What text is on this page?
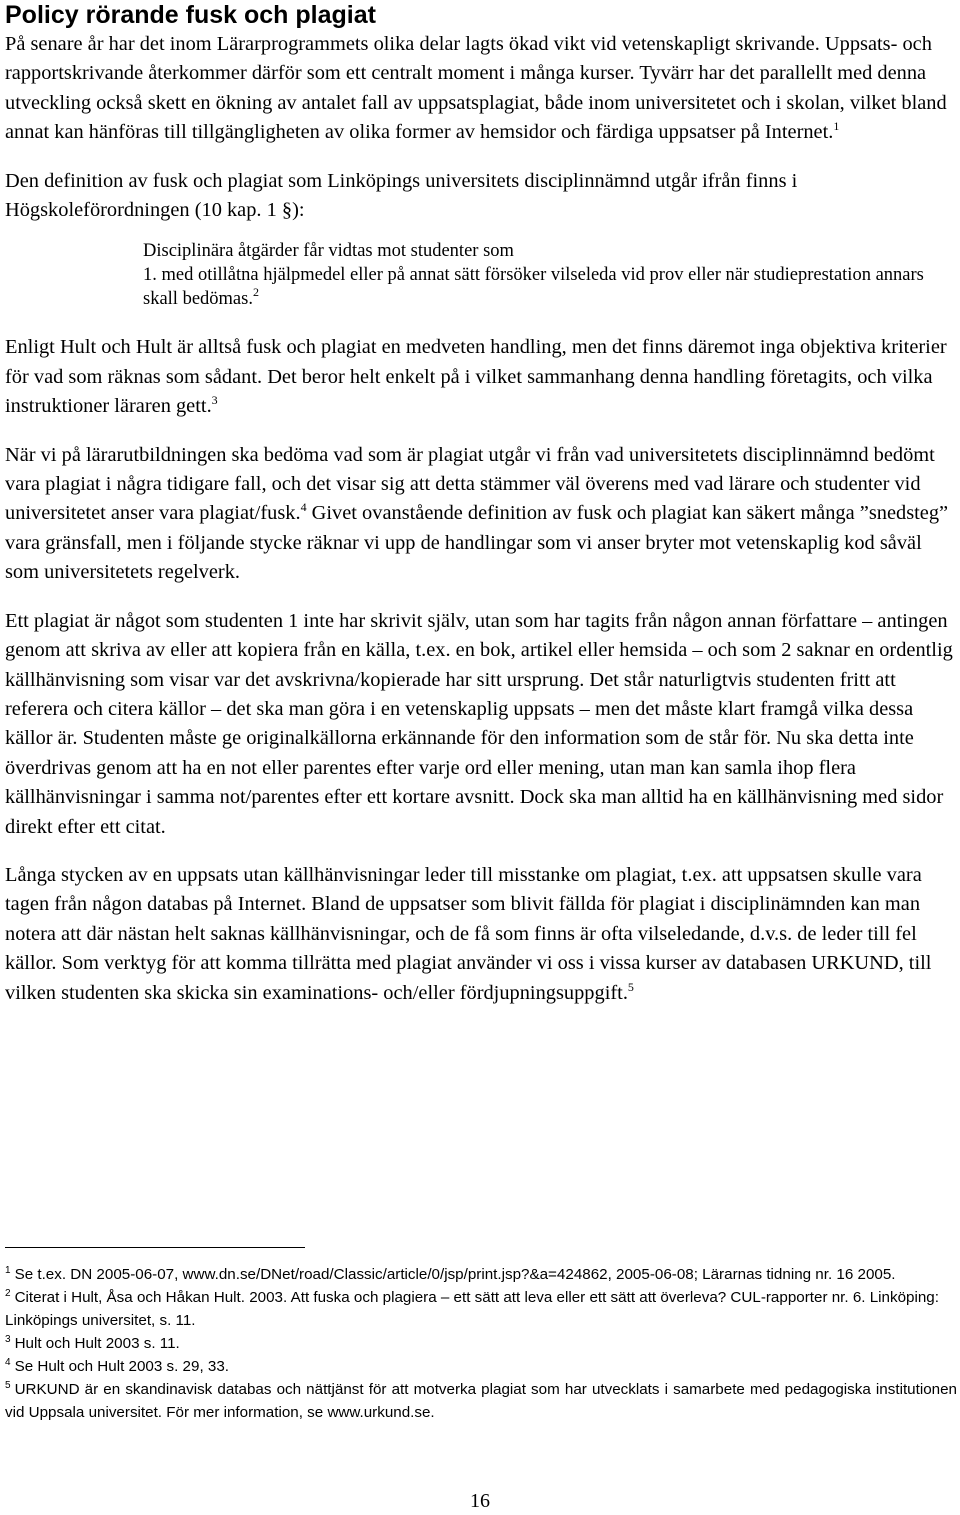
Policy rörande fusk och plagiat

På senare år har det inom Lärarprogrammets olika delar lagts ökad vikt vid vetenskapligt skrivande. Uppsats- och rapportskrivande återkommer därför som ett centralt moment i många kurser. Tyvärr har det parallellt med denna utveckling också skett en ökning av antalet fall av uppsatsplagiat, både inom universitetet och i skolan, vilket bland annat kan hänföras till tillgängligheten av olika former av hemsidor och färdiga uppsatser på Internet.$^1$

Den definition av fusk och plagiat som Linköpings universitets disciplinnämnd utgår ifrån finns i Högskoleförordningen (10 kap. 1 §):

Disciplinära åtgärder får vidtas mot studenter som
1. med otillåtna hjälpmedel eller på annat sätt försöker vilseleda vid prov eller när studieprestation annars skall bedömas.$^2$

Enligt Hult och Hult är alltså fusk och plagiat en medveten handling, men det finns däremot inga objektiva kriterier för vad som räknas som sådant. Det beror helt enkelt på i vilket sammanhang denna handling företagits, och vilka instruktioner läraren gett.$^3$

När vi på lärarutbildningen ska bedöma vad som är plagiat utgår vi från vad universitetets disciplinnämnd bedömt vara plagiat i några tidigare fall, och det visar sig att detta stämmer väl överens med vad lärare och studenter vid universitetet anser vara plagiat/fusk.$^4$ Givet ovanstående definition av fusk och plagiat kan säkert många ”snedsteg” vara gränsfall, men i följande stycke räknar vi upp de handlingar som vi anser bryter mot vetenskaplig kod såväl som universitetets regelverk.

Ett plagiat är något som studenten 1 inte har skrivit själv, utan som har tagits från någon annan författare – antingen genom att skriva av eller att kopiera från en källa, t.ex. en bok, artikel eller hemsida – och som 2 saknar en ordentlig källhänvisning som visar var det avskrivna/kopierade har sitt ursprung. Det står naturligtvis studenten fritt att referera och citera källor – det ska man göra i en vetenskaplig uppsats – men det måste klart framgå vilka dessa källor är. Studenten måste ge originalkällorna erkännande för den information som de står för. Nu ska detta inte överdrivas genom att ha en not eller parentes efter varje ord eller mening, utan man kan samla ihop flera källhänvisningar i samma not/parentes efter ett kortare avsnitt. Dock ska man alltid ha en källhänvisning med sidor direkt efter ett citat.

Långa stycken av en uppsats utan källhänvisningar leder till misstanke om plagiat, t.ex. att uppsatsen skulle vara tagen från någon databas på Internet. Bland de uppsatser som blivit fällda för plagiat i disciplinämnden kan man notera att där nästan helt saknas källhänvisningar, och de få som finns är ofta vilseledande, d.v.s. de leder till fel källor. Som verktyg för att komma tillrätta med plagiat använder vi oss i vissa kurser av databasen URKUND, till vilken studenten ska skicka sin examinations- och/eller fördjupningsuppgift.$^5$

$^1$ Se t.ex. DN 2005-06-07, www.dn.se/DNet/road/Classic/article/0/jsp/print.jsp?&a=424862, 2005-06-08; Lärarnas tidning nr. 16 2005.

$^2$ Citerat i Hult, Åsa och Håkan Hult. 2003. Att fuska och plagiera – ett sätt att leva eller ett sätt att överleva? CUL-rapporter nr. 6. Linköping: Linköpings universitet, s. 11.

$^3$ Hult och Hult 2003 s. 11.

$^4$ Se Hult och Hult 2003 s. 29, 33.

$^5$ URKUND är en skandinavisk databas och nättjänst för att motverka plagiat som har utvecklats i samarbete med pedagogiska institutionen vid Uppsala universitet. För mer information, se www.urkund.se.

16
